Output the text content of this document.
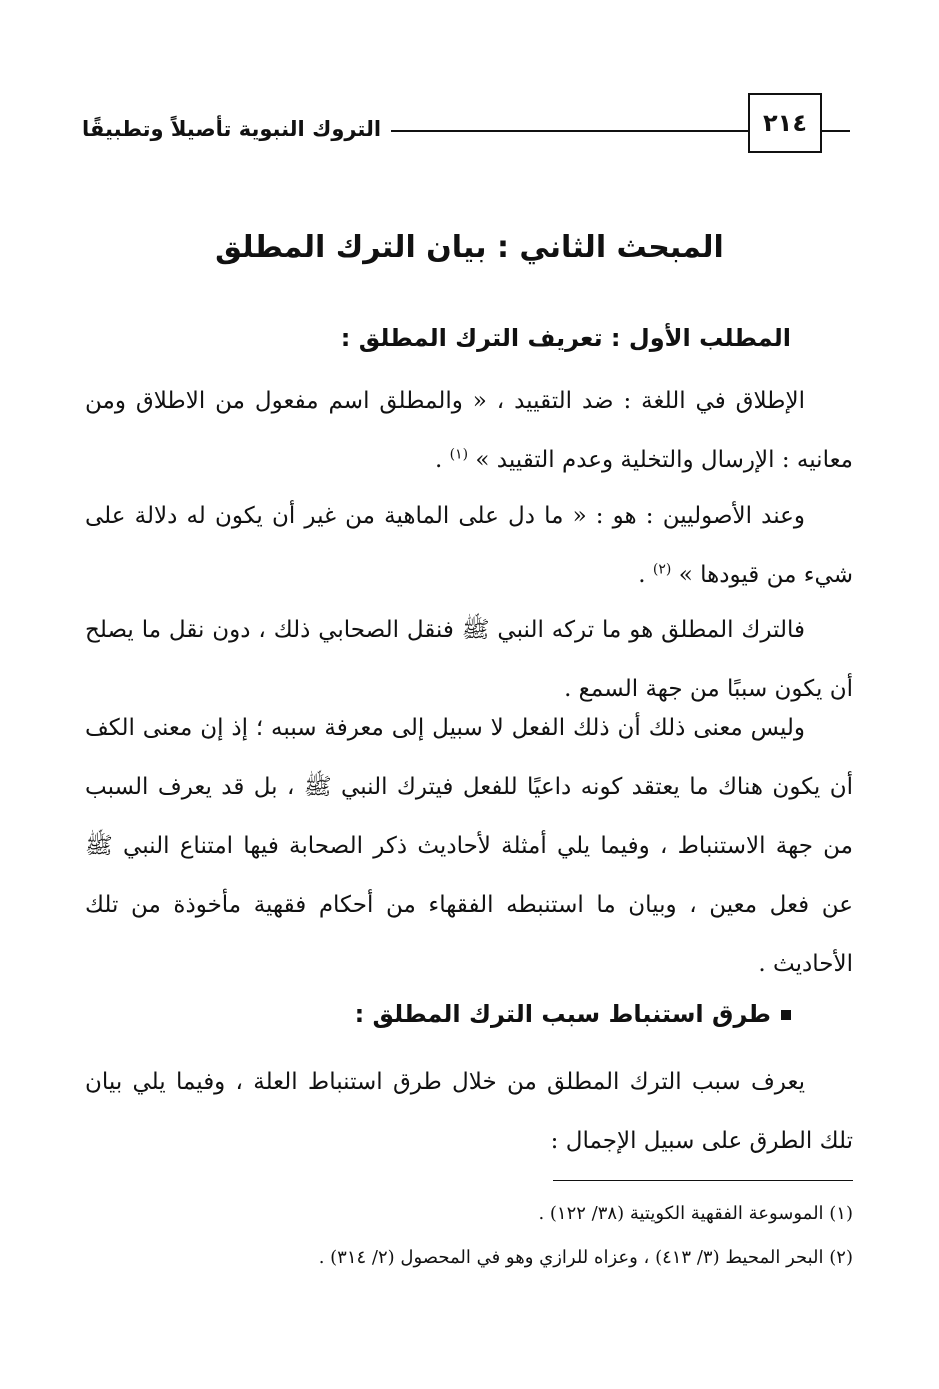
٢١٤
التروك النبوية تأصيلاً وتطبيقًا
المبحث الثاني : بيان الترك المطلق
المطلب الأول : تعريف الترك المطلق :
الإطلاق في اللغة : ضد التقييد ، « والمطلق اسم مفعول من الاطلاق ومن معانيه : الإرسال والتخلية وعدم التقييد » $^{(١)}$ .
وعند الأصوليين : هو : « ما دل على الماهية من غير أن يكون له دلالة على شيء من قيودها » $^{(٢)}$ .
فالترك المطلق هو ما تركه النبي ﷺ فنقل الصحابي ذلك ، دون نقل ما يصلح أن يكون سببًا من جهة السمع .
وليس معنى ذلك أن ذلك الفعل لا سبيل إلى معرفة سببه ؛ إذ إن معنى الكف أن يكون هناك ما يعتقد كونه داعيًا للفعل فيترك النبي ﷺ ، بل قد يعرف السبب من جهة الاستنباط ، وفيما يلي أمثلة لأحاديث ذكر الصحابة فيها امتناع النبي ﷺ عن فعل معين ، وبيان ما استنبطه الفقهاء من أحكام فقهية مأخوذة من تلك الأحاديث .
طرق استنباط سبب الترك المطلق :
يعرف سبب الترك المطلق من خلال طرق استنباط العلة ، وفيما يلي بيان تلك الطرق على سبيل الإجمال :
(١) الموسوعة الفقهية الكويتية (٣٨/ ١٢٢) .
(٢) البحر المحيط (٣/ ٤١٣) ، وعزاه للرازي وهو في المحصول (٢/ ٣١٤) .
